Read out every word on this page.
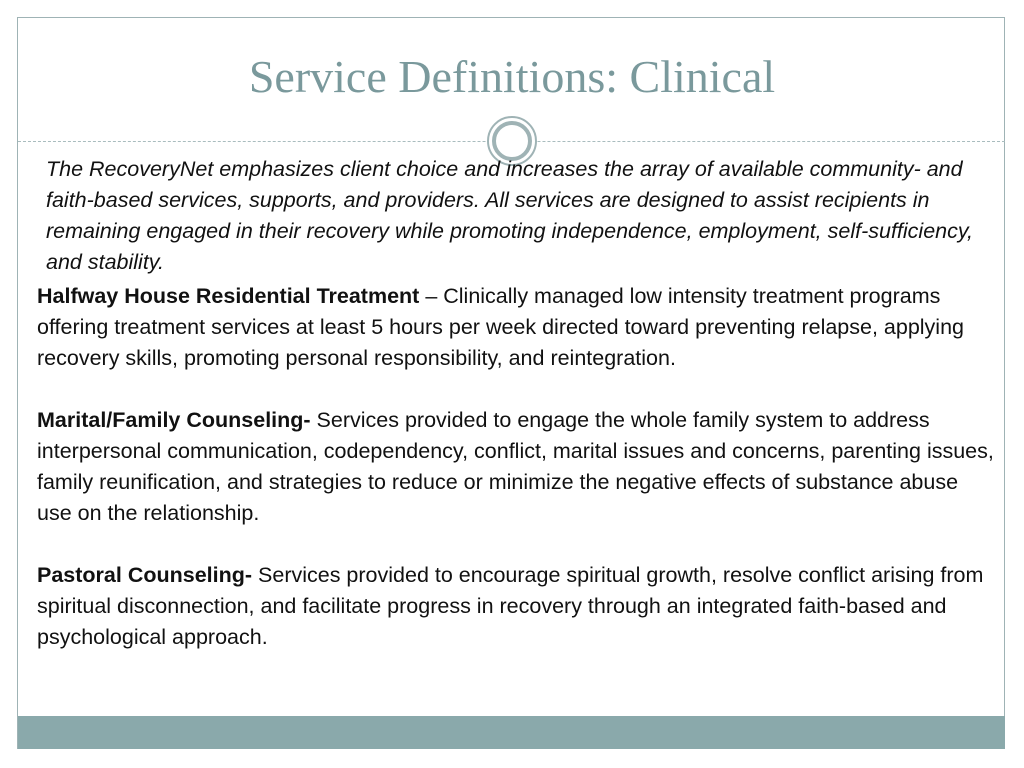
Service Definitions: Clinical

The RecoveryNet emphasizes client choice and increases the array of available community- and faith-based services, supports, and providers. All services are designed to assist recipients in remaining engaged in their recovery while promoting independence, employment, self-sufficiency, and stability.

Halfway House Residential Treatment – Clinically managed low intensity treatment programs offering treatment services at least 5 hours per week directed toward preventing relapse, applying recovery skills, promoting personal responsibility, and reintegration.

Marital/Family Counseling- Services provided to engage the whole family system to address interpersonal communication, codependency, conflict, marital issues and concerns, parenting issues, family reunification, and strategies to reduce or minimize the negative effects of substance abuse use on the relationship.

Pastoral Counseling- Services provided to encourage spiritual growth, resolve conflict arising from spiritual disconnection, and facilitate progress in recovery through an integrated faith-based and psychological approach.
